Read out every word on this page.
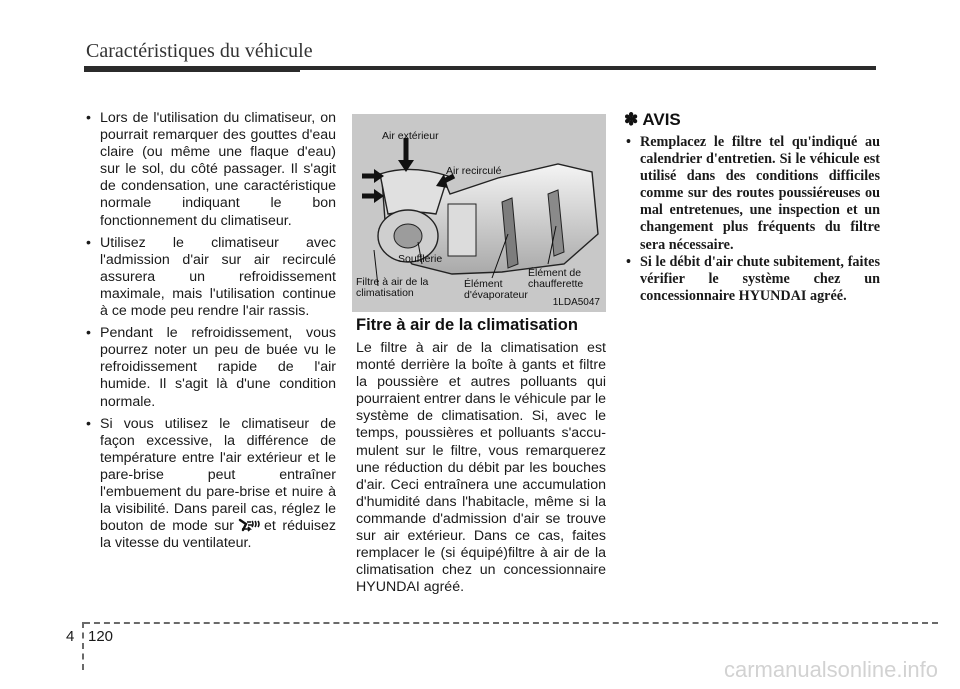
Caractéristiques du véhicule
• Lors de l'utilisation du climatiseur, on pourrait remarquer des gouttes d'eau claire (ou même une flaque d'eau) sur le sol, du côté passager. Il s'agit de condensation, une caractéristique normale indiquant le bon fonctionnement du climatiseur.
• Utilisez le climatiseur avec l'admission d'air sur air recirculé assurera un refroidissement maximale, mais l'utilisation continue à ce mode peu rendre l'air rassis.
• Pendant le refroidissement, vous pourrez noter un peu de buée vu le refroidissement rapide de l'air humide. Il s'agit là d'une condition normale.
• Si vous utilisez le climatiseur de façon excessive, la différence de température entre l'air extérieur et le pare-brise peut entraîner l'embuement du pare-brise et nuire à la visibilité. Dans pareil cas, réglez le bouton de mode sur et réduisez la vitesse du ventilateur.
Air extérieur
Air recirculé
Soufflerie
Filtre à air de la climatisation
Élément d'évaporateur
Élément de chaufferette
1LDA5047
Fitre à air de la climatisation
Le filtre à air de la climatisation est monté derrière la boîte à gants et filtre la poussière et autres polluants qui pourraient entrer dans le véhicule par le système de climatisation. Si, avec le temps, poussières et polluants s'accu-mulent sur le filtre, vous remarquerez une réduction du débit par les bouches d'air. Ceci entraînera une accumulation d'humidité dans l'habitacle, même si la commande d'admission d'air se trouve sur air extérieur. Dans ce cas, faites remplacer le (si équipé)filtre à air de la climatisation chez un concessionnaire HYUNDAI agréé.
✽ AVIS
• Remplacez le filtre tel qu'indiqué au calendrier d'entretien. Si le véhicule est utilisé dans des conditions difficiles comme sur des routes poussiéreuses ou mal entretenues, une inspection et un changement plus fréquents du filtre sera nécessaire.
• Si le débit d'air chute subitement, faites vérifier le système chez un concessionnaire HYUNDAI agréé.
4 120
carmanualsonline.info
